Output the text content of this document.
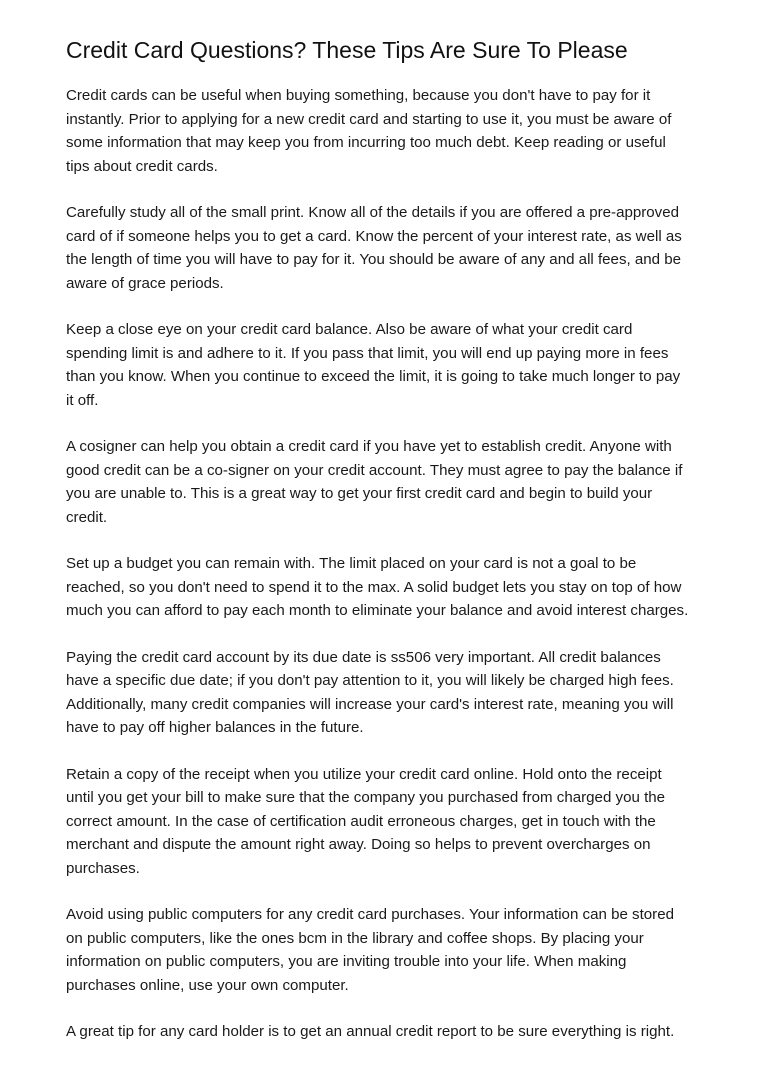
Credit Card Questions? These Tips Are Sure To Please

Credit cards can be useful when buying something, because you don't have to pay for it
instantly. Prior to applying for a new credit card and starting to use it, you must be aware of
some information that may keep you from incurring too much debt. Keep reading or useful
tips about credit cards.

Carefully study all of the small print. Know all of the details if you are offered a pre-approved
card of if someone helps you to get a card. Know the percent of your interest rate, as well as
the length of time you will have to pay for it. You should be aware of any and all fees, and be
aware of grace periods.

Keep a close eye on your credit card balance. Also be aware of what your credit card
spending limit is and adhere to it. If you pass that limit, you will end up paying more in fees
than you know. When you continue to exceed the limit, it is going to take much longer to pay
it off.

A cosigner can help you obtain a credit card if you have yet to establish credit. Anyone with
good credit can be a co-signer on your credit account. They must agree to pay the balance if
you are unable to. This is a great way to get your first credit card and begin to build your
credit.

Set up a budget you can remain with. The limit placed on your card is not a goal to be
reached, so you don't need to spend it to the max. A solid budget lets you stay on top of how
much you can afford to pay each month to eliminate your balance and avoid interest charges.

Paying the credit card account by its due date is ss506 very important. All credit balances
have a specific due date; if you don't pay attention to it, you will likely be charged high fees.
Additionally, many credit companies will increase your card's interest rate, meaning you will
have to pay off higher balances in the future.

Retain a copy of the receipt when you utilize your credit card online. Hold onto the receipt
until you get your bill to make sure that the company you purchased from charged you the
correct amount. In the case of certification audit erroneous charges, get in touch with the
merchant and dispute the amount right away. Doing so helps to prevent overcharges on
purchases.

Avoid using public computers for any credit card purchases. Your information can be stored
on public computers, like the ones bcm in the library and coffee shops. By placing your
information on public computers, you are inviting trouble into your life. When making
purchases online, use your own computer.

A great tip for any card holder is to get an annual credit report to be sure everything is right.
